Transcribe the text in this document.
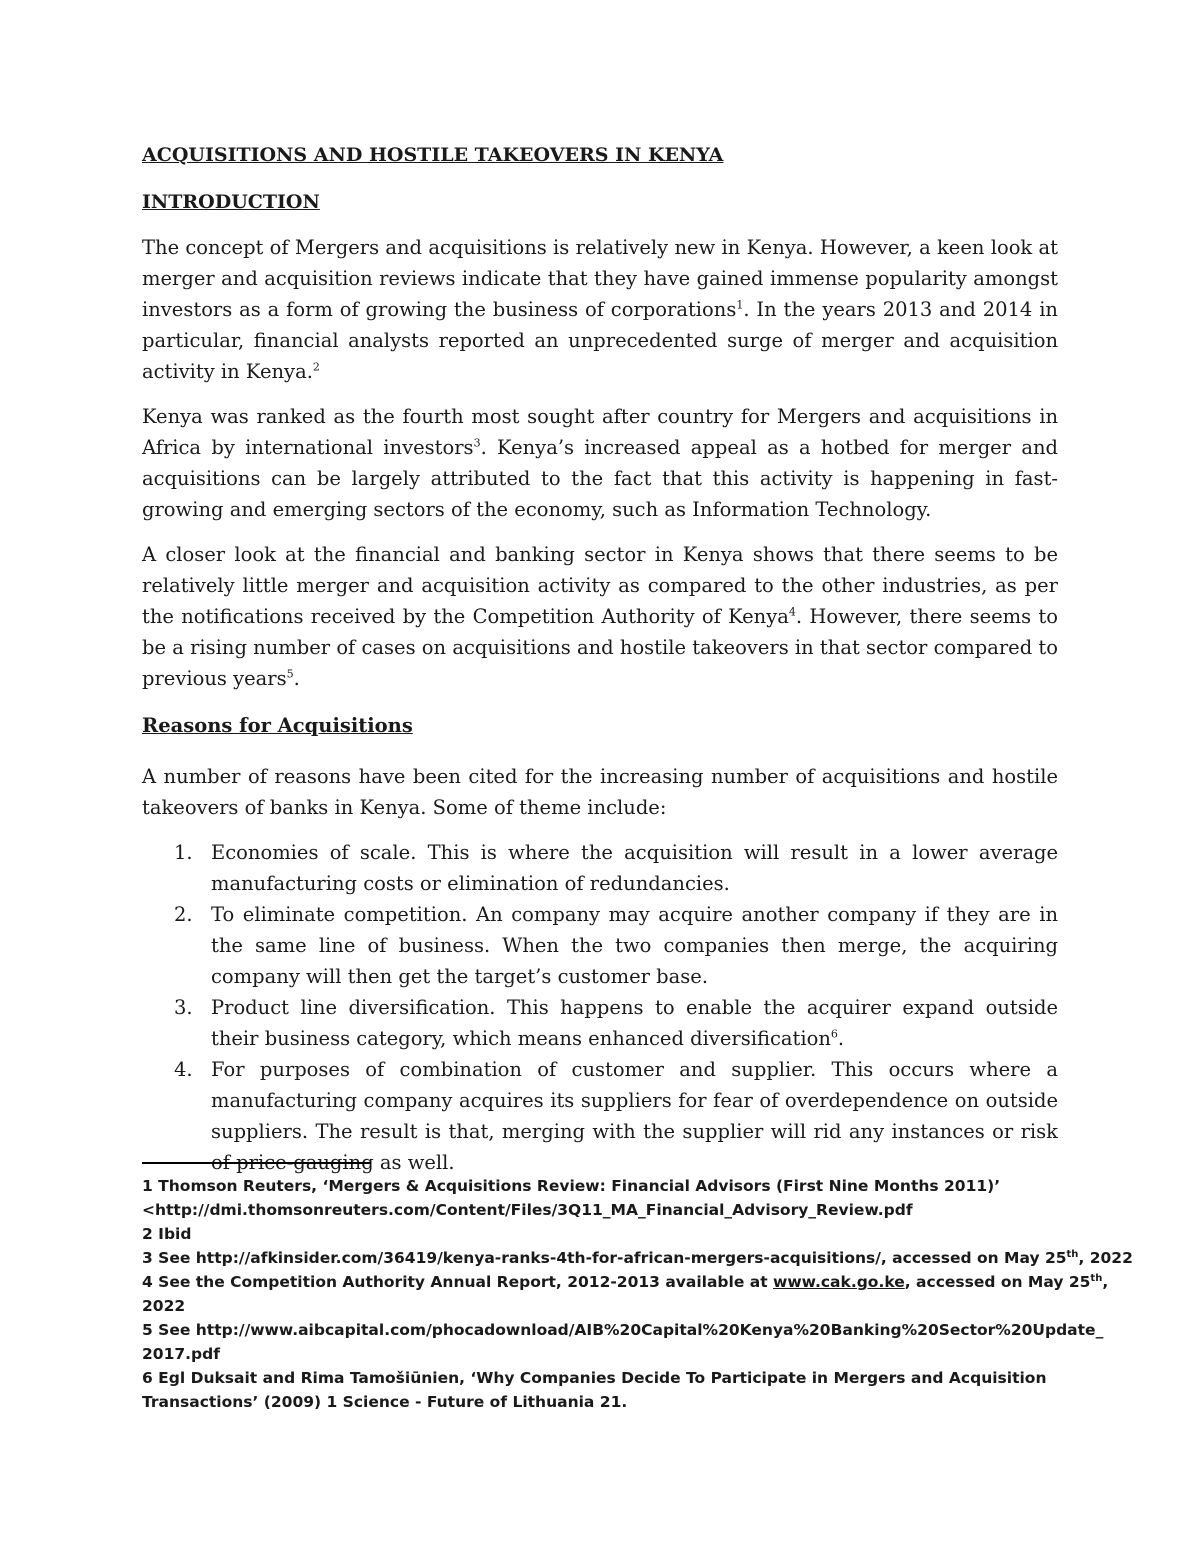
ACQUISITIONS AND HOSTILE TAKEOVERS IN KENYA
INTRODUCTION

The concept of Mergers and acquisitions is relatively new in Kenya. However, a keen look at merger and acquisition reviews indicate that they have gained immense popularity amongst investors as a form of growing the business of corporations$^1$. In the years 2013 and 2014 in particular, financial analysts reported an unprecedented surge of merger and acquisition activity in Kenya.$^2$

Kenya was ranked as the fourth most sought after country for Mergers and acquisitions in Africa by international investors$^3$. Kenya’s increased appeal as a hotbed for merger and acquisitions can be largely attributed to the fact that this activity is happening in fast-growing and emerging sectors of the economy, such as Information Technology.

A closer look at the financial and banking sector in Kenya shows that there seems to be relatively little merger and acquisition activity as compared to the other industries, as per the notifications received by the Competition Authority of Kenya$^4$. However, there seems to be a rising number of cases on acquisitions and hostile takeovers in that sector compared to previous years$^5$.

Reasons for Acquisitions

A number of reasons have been cited for the increasing number of acquisitions and hostile takeovers of banks in Kenya. Some of theme include:

1. Economies of scale. This is where the acquisition will result in a lower average manufacturing costs or elimination of redundancies.
2. To eliminate competition. An company may acquire another company if they are in the same line of business. When the two companies then merge, the acquiring company will then get the target’s customer base.
3. Product line diversification. This happens to enable the acquirer expand outside their business category, which means enhanced diversification$^6$.
4. For purposes of combination of customer and supplier. This occurs where a manufacturing company acquires its suppliers for fear of overdependence on outside suppliers. The result is that, merging with the supplier will rid any instances or risk of price-gauging as well.
1 Thomson Reuters, ‘Mergers & Acquisitions Review: Financial Advisors (First Nine Months 2011)’
<http://dmi.thomsonreuters.com/Content/Files/3Q11_MA_Financial_Advisory_Review.pdf
2 Ibid
3 See http://afkinsider.com/36419/kenya-ranks-4th-for-african-mergers-acquisitions/, accessed on May 25th, 2022
4 See the Competition Authority Annual Report, 2012-2013 available at www.cak.go.ke, accessed on May 25th,
2022
5 See http://www.aibcapital.com/phocadownload/AIB%20Capital%20Kenya%20Banking%20Sector%20Update_
2017.pdf
6 Egl Duksait and Rima Tamošiūnien, ‘Why Companies Decide To Participate in Mergers and Acquisition
Transactions’ (2009) 1 Science - Future of Lithuania 21.
